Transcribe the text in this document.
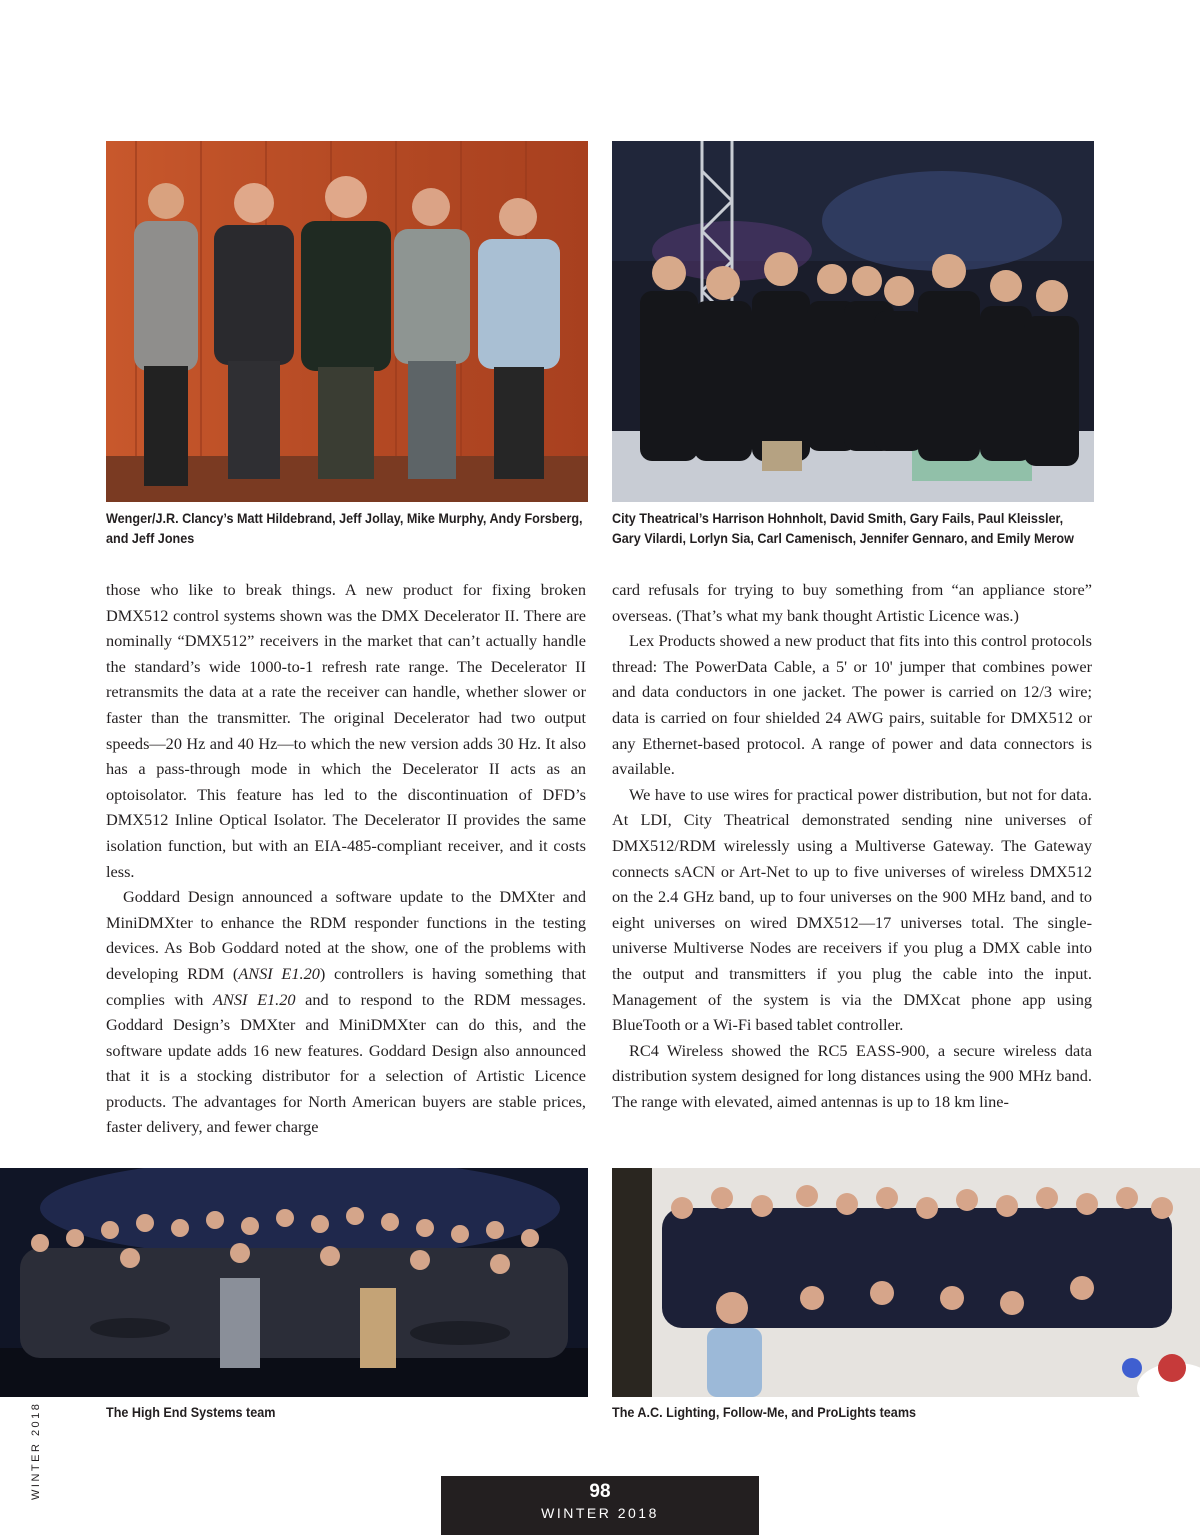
Wenger/J.R. Clancy’s Matt Hildebrand, Jeff Jollay, Mike Murphy, Andy Forsberg, and Jeff Jones
City Theatrical’s Harrison Hohnholt, David Smith, Gary Fails, Paul Kleissler, Gary Vilardi, Lorlyn Sia, Carl Camenisch, Jennifer Gennaro, and Emily Merow

those who like to break things. A new product for fixing broken DMX512 control systems shown was the DMX Decelerator II. There are nominally “DMX512” receivers in the market that can’t actually handle the standard’s wide 1000-to-1 refresh rate range. The Decelerator II retransmits the data at a rate the receiver can handle, whether slower or faster than the transmitter. The original Decelerator had two output speeds—20 Hz and 40 Hz—to which the new version adds 30 Hz. It also has a pass-through mode in which the Decelerator II acts as an optoisolator. This feature has led to the discontinuation of DFD’s DMX512 Inline Optical Isolator. The Decelerator II provides the same isolation function, but with an EIA-485-compliant receiver, and it costs less.

Goddard Design announced a software update to the DMXter and MiniDMXter to enhance the RDM responder functions in the testing devices. As Bob Goddard noted at the show, one of the problems with developing RDM (ANSI E1.20) controllers is having something that complies with ANSI E1.20 and to respond to the RDM messages. Goddard Design’s DMXter and MiniDMXter can do this, and the software update adds 16 new features. Goddard Design also announced that it is a stocking distributor for a selection of Artistic Licence products. The advantages for North American buyers are stable prices, faster delivery, and fewer charge

card refusals for trying to buy something from “an appliance store” overseas. (That’s what my bank thought Artistic Licence was.)

Lex Products showed a new product that fits into this control protocols thread: The PowerData Cable, a 5' or 10' jumper that combines power and data conductors in one jacket. The power is carried on 12/3 wire; data is carried on four shielded 24 AWG pairs, suitable for DMX512 or any Ethernet-based protocol. A range of power and data connectors is available.

We have to use wires for practical power distribution, but not for data. At LDI, City Theatrical demonstrated sending nine universes of DMX512/RDM wirelessly using a Multiverse Gateway. The Gateway connects sACN or Art-Net to up to five universes of wireless DMX512 on the 2.4 GHz band, up to four universes on the 900 MHz band, and to eight universes on wired DMX512—17 universes total. The single-universe Multiverse Nodes are receivers if you plug a DMX cable into the output and transmitters if you plug the cable into the input. Management of the system is via the DMXcat phone app using BlueTooth or a Wi-Fi based tablet controller.

RC4 Wireless showed the RC5 EASS-900, a secure wireless data distribution system designed for long distances using the 900 MHz band. The range with elevated, aimed antennas is up to 18 km line-

The High End Systems team	The A.C. Lighting, Follow-Me, and ProLights teams
WINTER 2018	98
WINTER 2018
